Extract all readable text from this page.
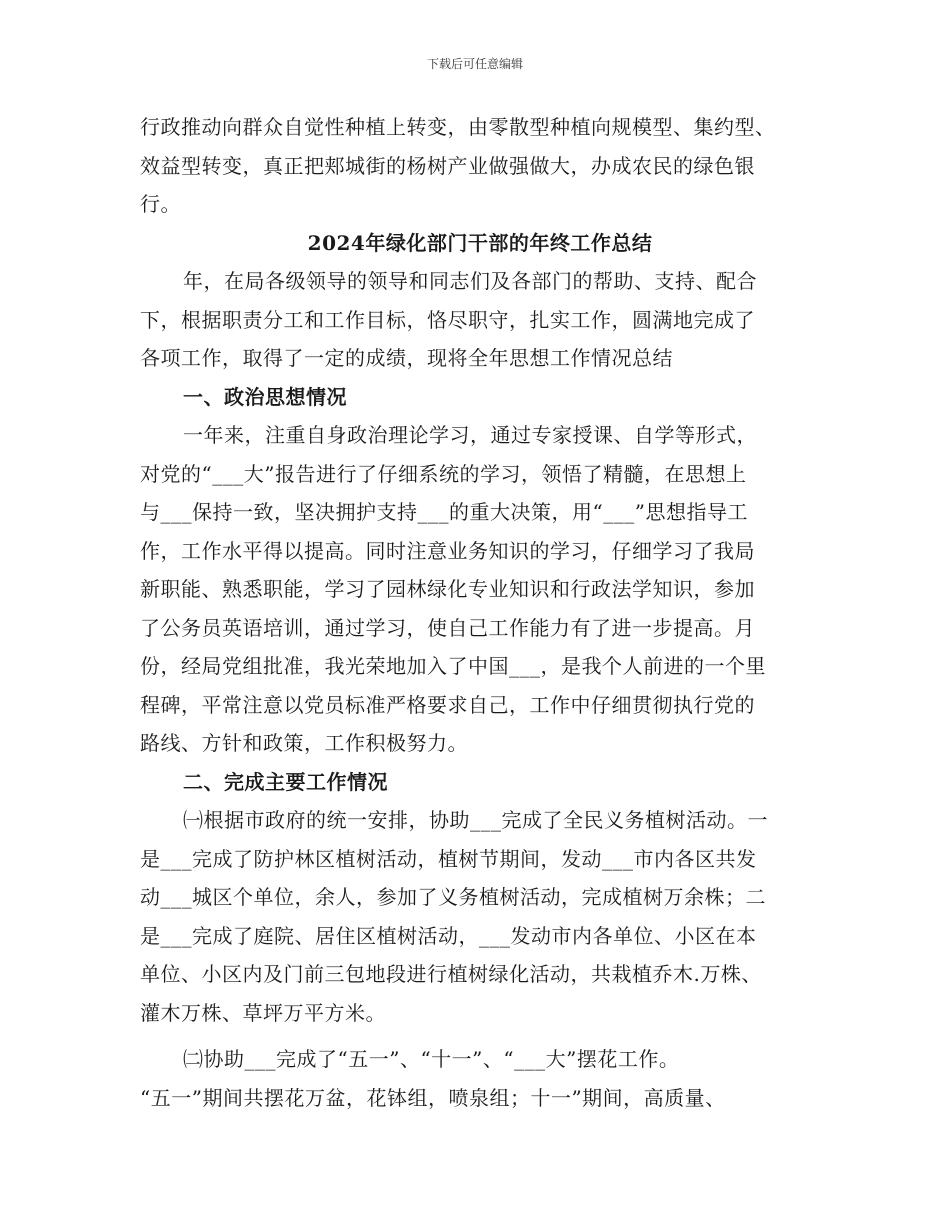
下载后可任意编辑
行政推动向群众自觉性种植上转变，由零散型种植向规模型、集约型、
效益型转变，真正把郏城街的杨树产业做强做大，办成农民的绿色银
行。
2024年绿化部门干部的年终工作总结
年，在局各级领导的领导和同志们及各部门的帮助、支持、配合
下，根据职责分工和工作目标，恪尽职守，扎实工作，圆满地完成了
各项工作，取得了一定的成绩，现将全年思想工作情况总结
一、政治思想情况
一年来，注重自身政治理论学习，通过专家授课、自学等形式，
对党的“___大”报告进行了仔细系统的学习，领悟了精髓，在思想上
与___保持一致，坚决拥护支持___的重大决策，用“___”思想指导工
作，工作水平得以提高。同时注意业务知识的学习，仔细学习了我局
新职能、熟悉职能，学习了园林绿化专业知识和行政法学知识，参加
了公务员英语培训，通过学习，使自己工作能力有了进一步提高。月
份，经局党组批准，我光荣地加入了中国___，是我个人前进的一个里
程碑，平常注意以党员标准严格要求自己，工作中仔细贯彻执行党的
路线、方针和政策，工作积极努力。
二、完成主要工作情况
㈠根据市政府的统一安排，协助___完成了全民义务植树活动。一
是___完成了防护林区植树活动，植树节期间，发动___市内各区共发
动___城区个单位，余人，参加了义务植树活动，完成植树万余株；二
是___完成了庭院、居住区植树活动，___发动市内各单位、小区在本
单位、小区内及门前三包地段进行植树绿化活动，共栽植乔木.万株、
灌木万株、草坪万平方米。
㈡协助___完成了“五一”、“十一”、“___大”摆花工作。
“五一”期间共摆花万盆，花钵组，喷泉组；十一”期间，高质量、
